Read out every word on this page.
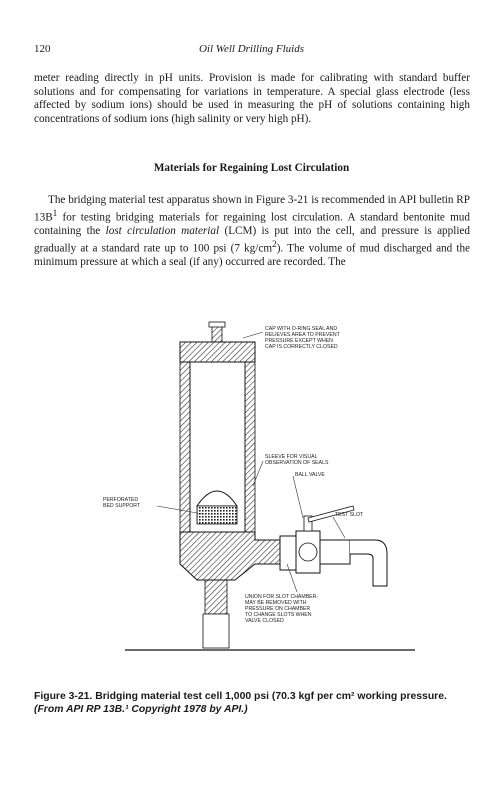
120	Oil Well Drilling Fluids

meter reading directly in pH units. Provision is made for calibrating with standard buffer solutions and for compensating for variations in temperature. A special glass electrode (less affected by sodium ions) should be used in measuring the pH of solutions containing high concentrations of sodium ions (high salinity or very high pH).

Materials for Regaining Lost Circulation

The bridging material test apparatus shown in Figure 3-21 is recommended in API bulletin RP $13B^1$ for testing bridging materials for regaining lost circulation. A standard bentonite mud containing the lost circulation material (LCM) is put into the cell, and pressure is applied gradually at a standard rate up to 100 psi (7 $kg/cm^2$). The volume of mud discharged and the minimum pressure at which a seal (if any) occurred are recorded. The

CAP WITH O-RING SEAL AND
RELIEVES AREA TO PREVENT
PRESSURE EXCEPT WHEN
CAP IS CORRECTLY CLOSED
SLEEVE FOR VISUAL
OBSERVATION OF SEALS
BALL VALVE
PERFORATED
BED SUPPORT
TEST SLOT
UNION FOR SLOT CHAMBER-
MAY BE REMOVED WITH
PRESSURE ON CHAMBER
TO CHANGE SLOTS WHEN
VALVE CLOSED

Figure 3-21. Bridging material test cell 1,000 psi (70.3 kgf per cm² working pressure. (From API RP 13B.¹ Copyright 1978 by API.)
